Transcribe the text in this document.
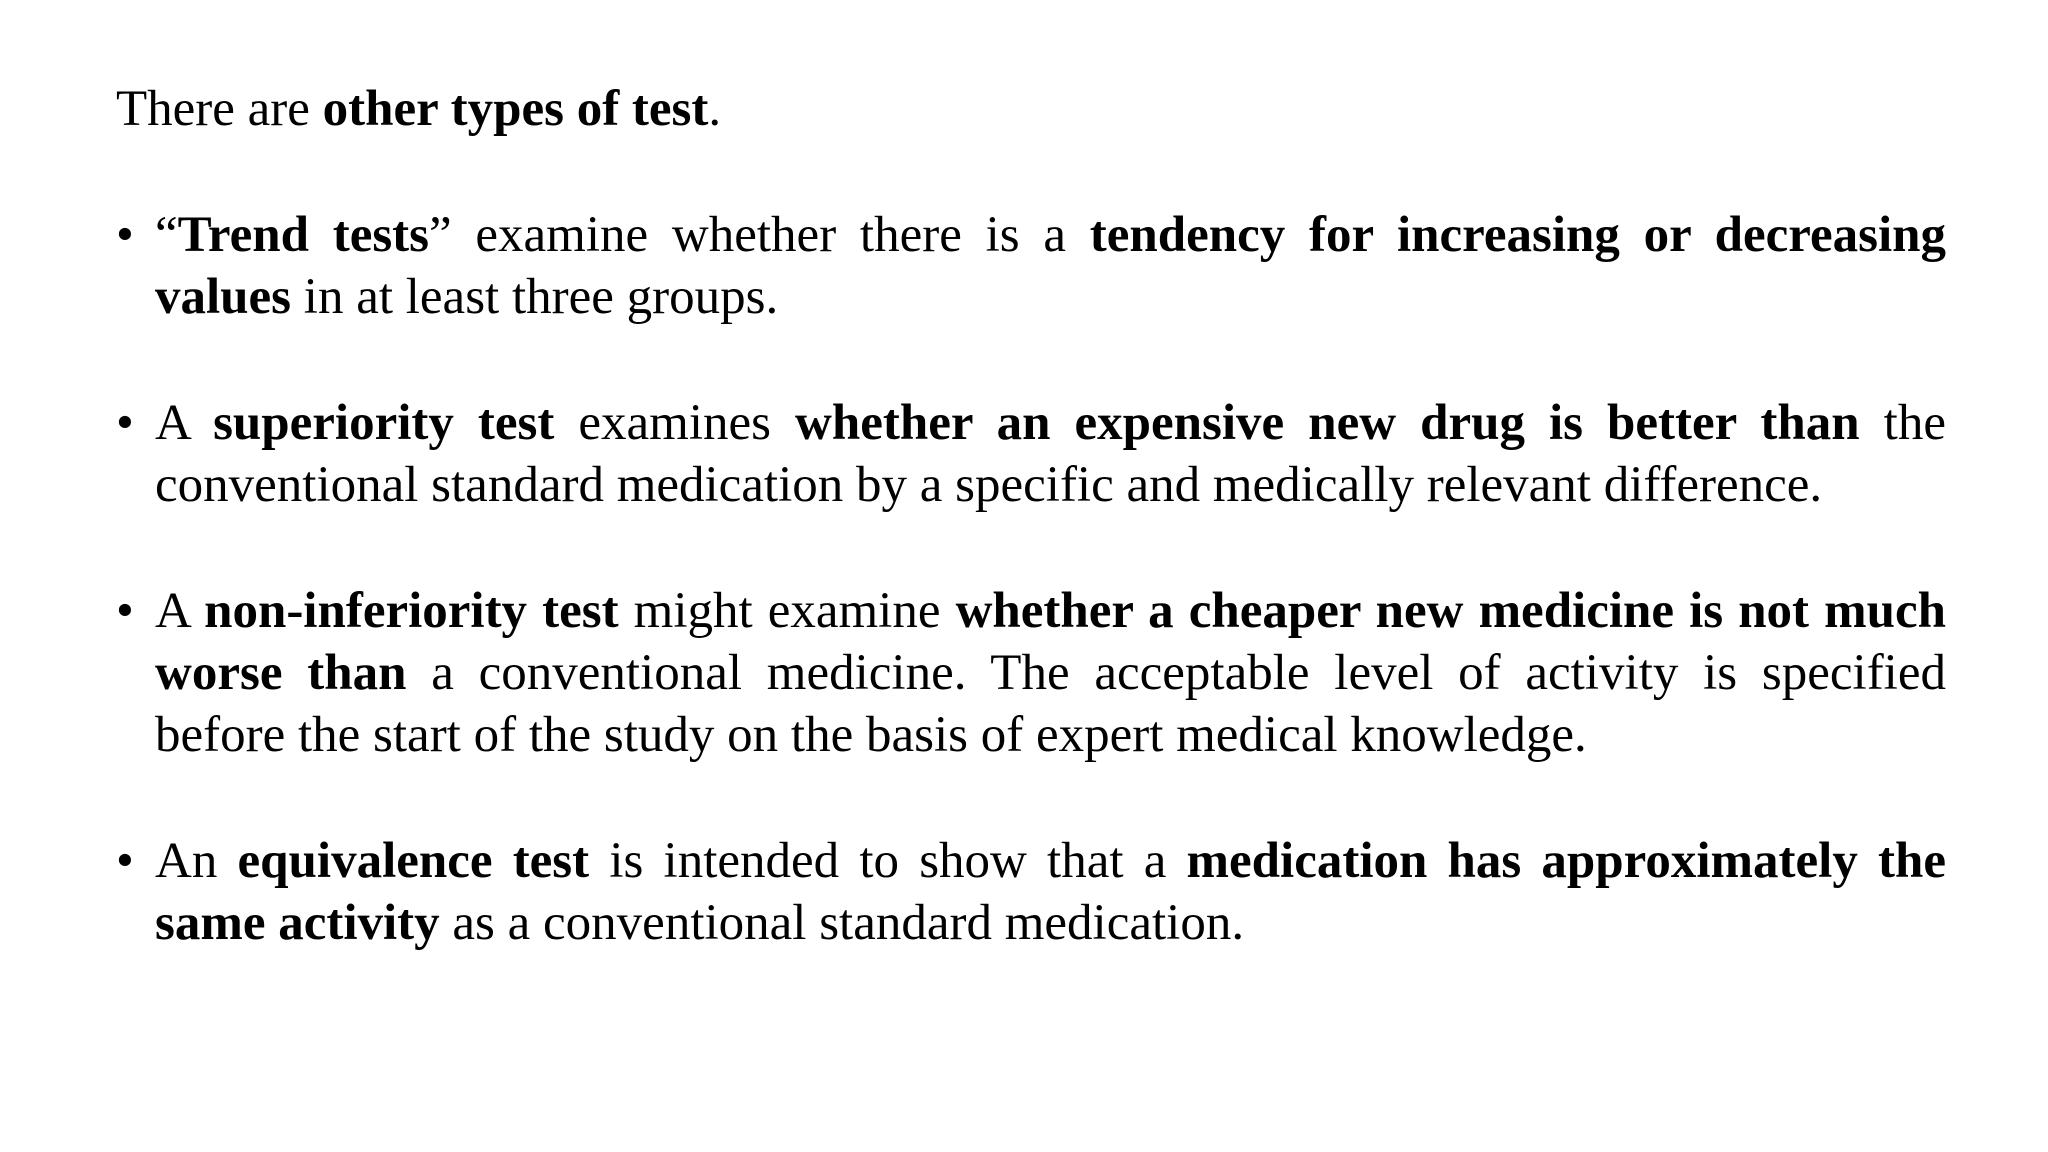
There are other types of test.

• “Trend tests” examine whether there is a tendency for increasing or decreasing values in at least three groups.
• A superiority test examines whether an expensive new drug is better than the conventional standard medication by a specific and medically relevant difference.
• A non-inferiority test might examine whether a cheaper new medicine is not much worse than a conventional medicine. The acceptable level of activity is specified before the start of the study on the basis of expert medical knowledge.
• An equivalence test is intended to show that a medication has approximately the same activity as a conventional standard medication.
